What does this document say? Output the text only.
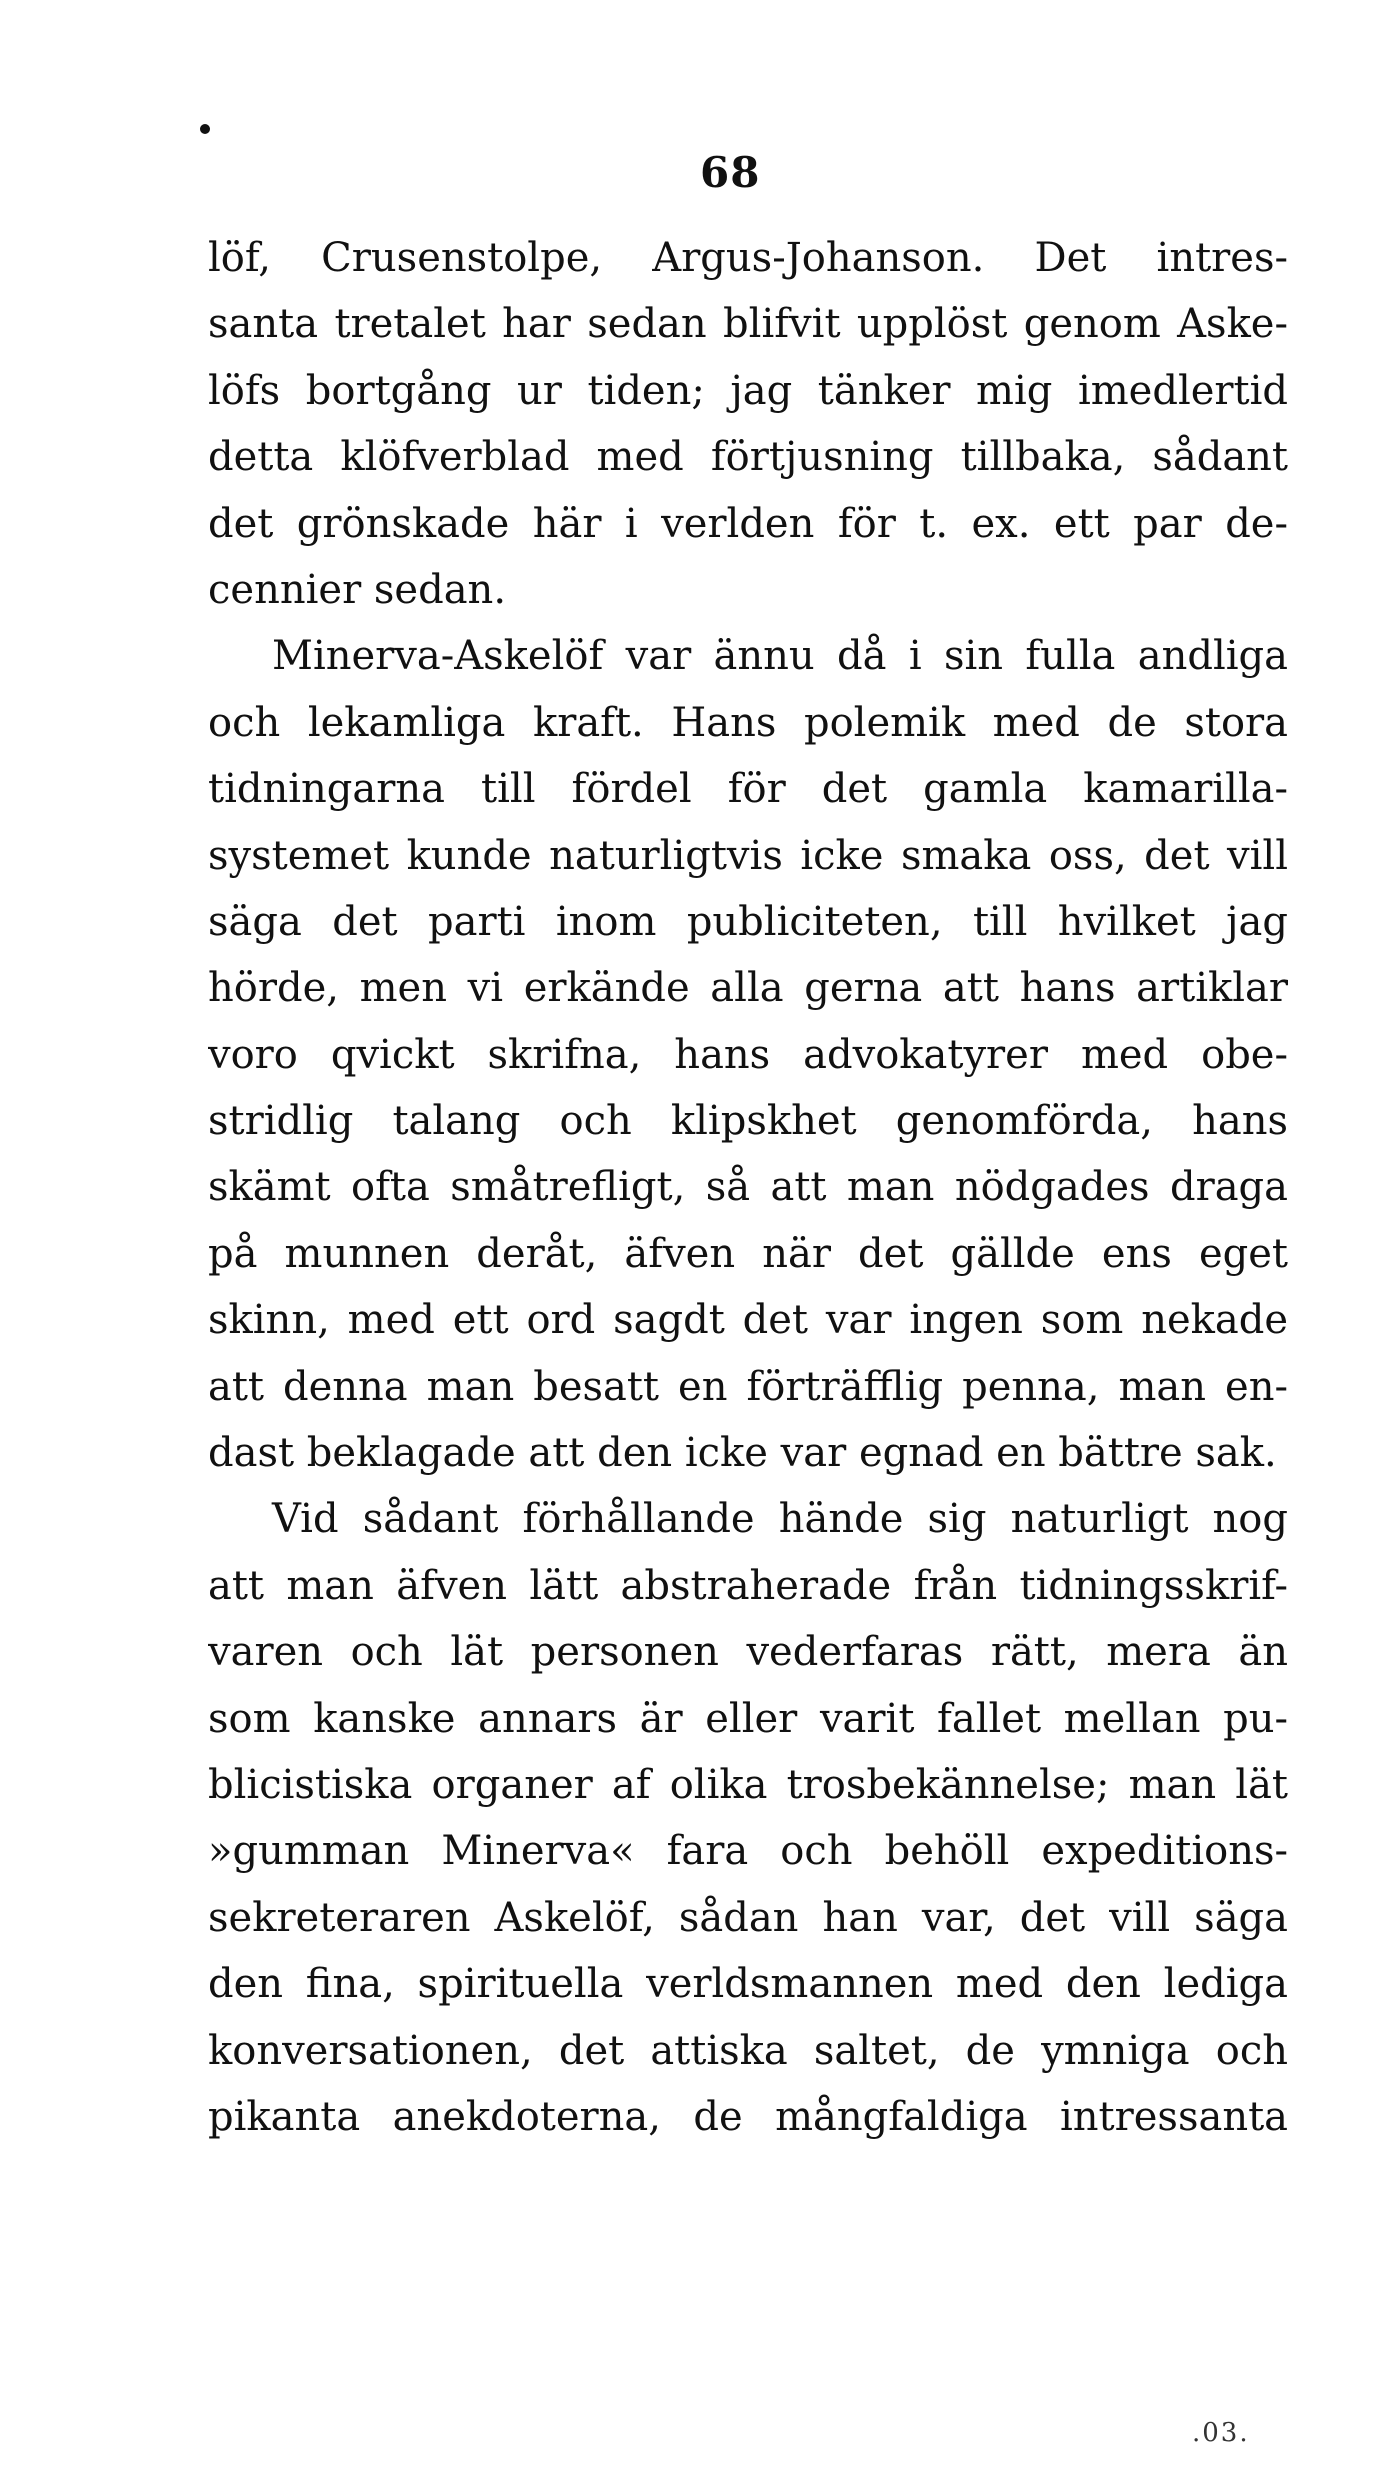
68
löf, Crusenstolpe, Argus-Johanson. Det intres-
santa tretalet har sedan blifvit upplöst genom Aske-
löfs bortgång ur tiden; jag tänker mig imedlertid
detta klöfverblad med förtjusning tillbaka, sådant
det grönskade här i verlden för t. ex. ett par de-
cennier sedan.
Minerva-Askelöf var ännu då i sin fulla andliga
och lekamliga kraft. Hans polemik med de stora
tidningarna till fördel för det gamla kamarilla-
systemet kunde naturligtvis icke smaka oss, det vill
säga det parti inom publiciteten, till hvilket jag
hörde, men vi erkände alla gerna att hans artiklar
voro qvickt skrifna, hans advokatyrer med obe-
stridlig talang och klipskhet genomförda, hans
skämt ofta småtrefligt, så att man nödgades draga
på munnen deråt, äfven när det gällde ens eget
skinn, med ett ord sagdt det var ingen som nekade
att denna man besatt en förträfflig penna, man en-
dast beklagade att den icke var egnad en bättre sak.
Vid sådant förhållande hände sig naturligt nog
att man äfven lätt abstraherade från tidningsskrif-
varen och lät personen vederfaras rätt, mera än
som kanske annars är eller varit fallet mellan pu-
blicistiska organer af olika trosbekännelse; man lät
»gumman Minerva« fara och behöll expeditions-
sekreteraren Askelöf, sådan han var, det vill säga
den fina, spirituella verldsmannen med den lediga
konversationen, det attiska saltet, de ymniga och
pikanta anekdoterna, de mångfaldiga intressanta
.03.
